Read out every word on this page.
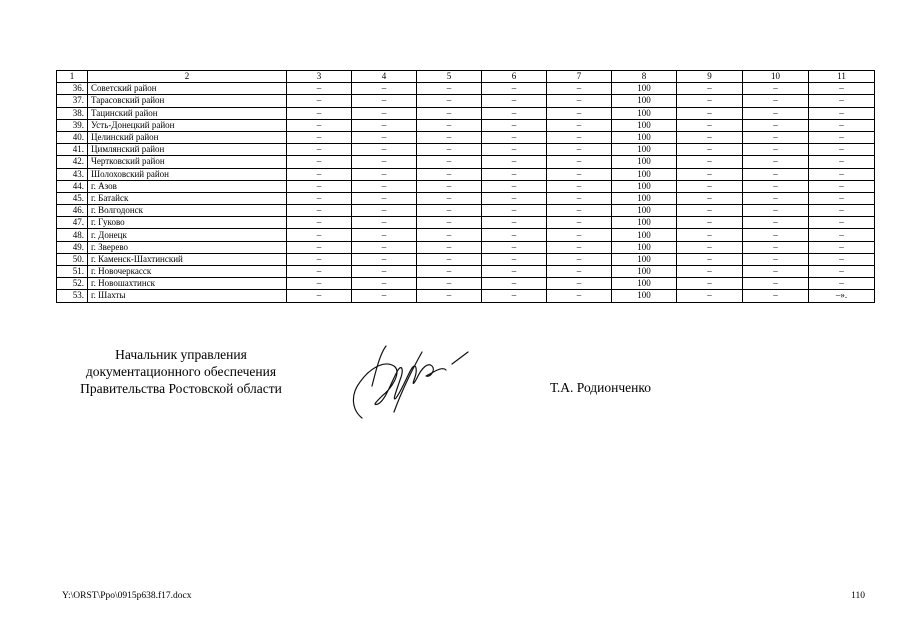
1	2	3	4	5	6	7	8	9	10	11
36.	Советский район	–	–	–	–	–	100	–	–	–
37.	Тарасовский район	–	–	–	–	–	100	–	–	–
38.	Тацинский район	–	–	–	–	–	100	–	–	–
39.	Усть-Донецкий район	–	–	–	–	–	100	–	–	–
40.	Целинский район	–	–	–	–	–	100	–	–	–
41.	Цимлянский район	–	–	–	–	–	100	–	–	–
42.	Чертковский район	–	–	–	–	–	100	–	–	–
43.	Шолоховский район	–	–	–	–	–	100	–	–	–
44.	г. Азов	–	–	–	–	–	100	–	–	–
45.	г. Батайск	–	–	–	–	–	100	–	–	–
46.	г. Волгодонск	–	–	–	–	–	100	–	–	–
47.	г. Гуково	–	–	–	–	–	100	–	–	–
48.	г. Донецк	–	–	–	–	–	100	–	–	–
49.	г. Зверево	–	–	–	–	–	100	–	–	–
50.	г. Каменск-Шахтинский	–	–	–	–	–	100	–	–	–
51.	г. Новочеркасск	–	–	–	–	–	100	–	–	–
52.	г. Новошахтинск	–	–	–	–	–	100	–	–	–
53.	г. Шахты	–	–	–	–	–	100	–	–	–».
Начальник управления
документационного обеспечения
Правительства Ростовской области	Т.А. Родионченко
Y:\ORST\Ppo\0915p638.f17.docx	110
